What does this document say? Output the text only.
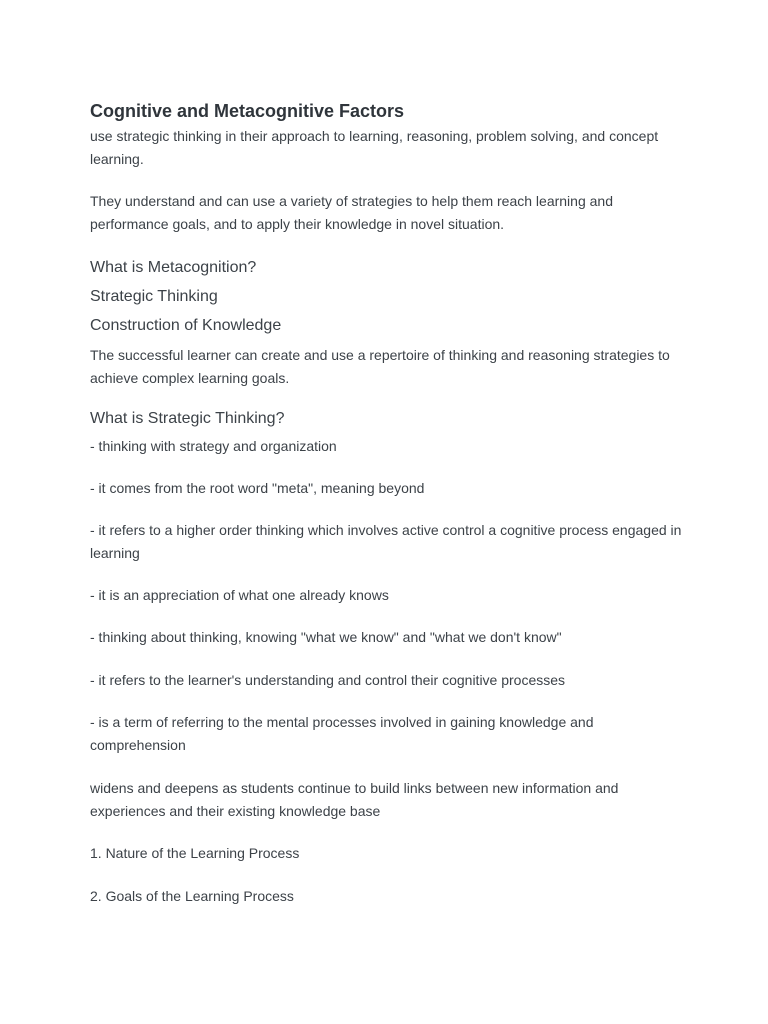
Cognitive and Metacognitive Factors

use strategic thinking in their approach to learning, reasoning, problem solving, and concept learning.

They understand and can use a variety of strategies to help them reach learning and performance goals, and to apply their knowledge in novel situation.

What is Metacognition?
Strategic Thinking
Construction of Knowledge

The successful learner can create and use a repertoire of thinking and reasoning strategies to achieve complex learning goals.

What is Strategic Thinking?

- thinking with strategy and organization

- it comes from the root word "meta", meaning beyond

- it refers to a higher order thinking which involves active control a cognitive process engaged in learning

- it is an appreciation of what one already knows

- thinking about thinking, knowing "what we know" and "what we don't know"

- it refers to the learner's understanding and control their cognitive processes

- is a term of referring to the mental processes involved in gaining knowledge and comprehension

widens and deepens as students continue to build links between new information and experiences and their existing knowledge base

1. Nature of the Learning Process

2. Goals of the Learning Process
